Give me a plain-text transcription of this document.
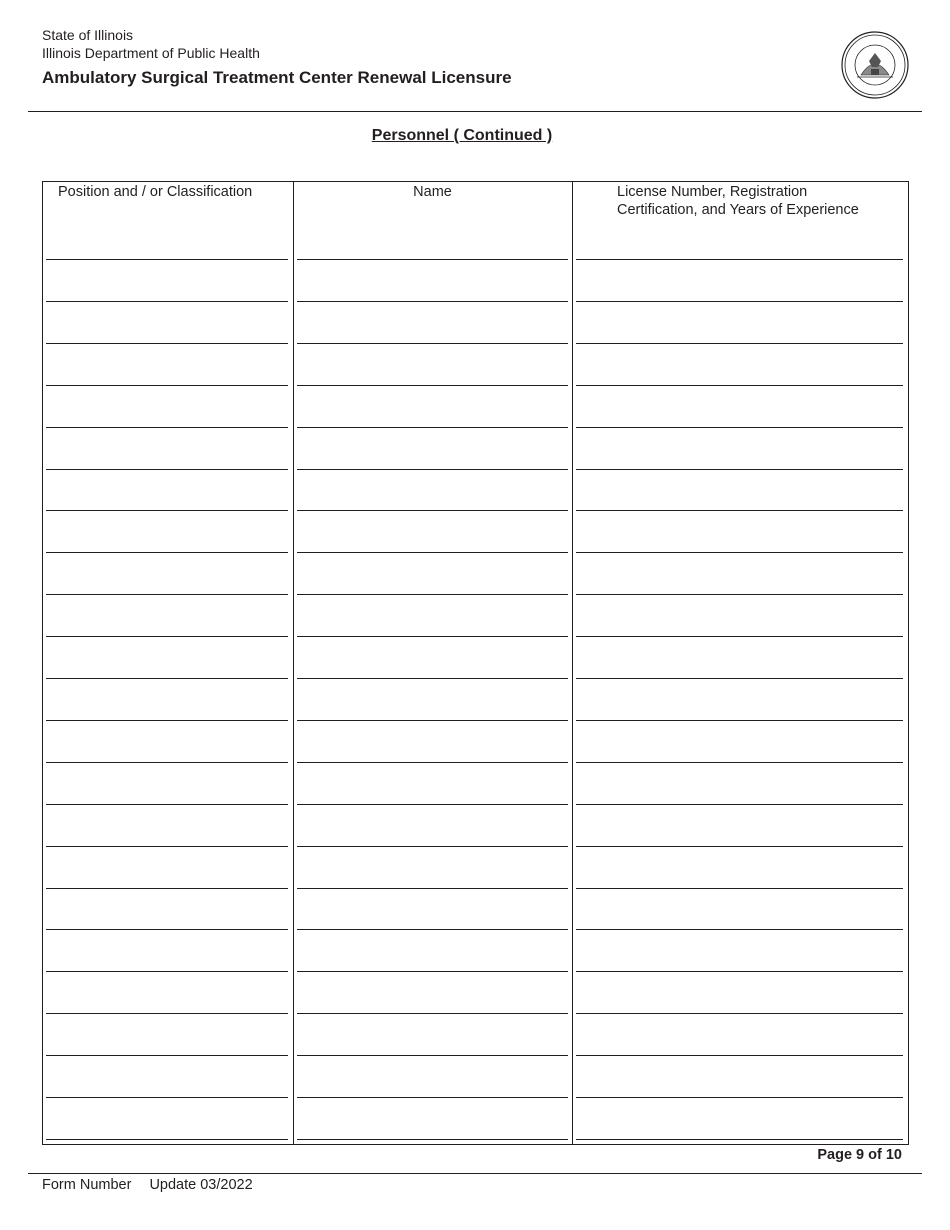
State of Illinois
Illinois Department of Public Health
Ambulatory Surgical Treatment Center Renewal Licensure
Personnel ( Continued )
Position and / or Classification	Name	License Number, Registration
Certification, and Years of Experience
Page 9 of 10
Form Number Update 03/2022
